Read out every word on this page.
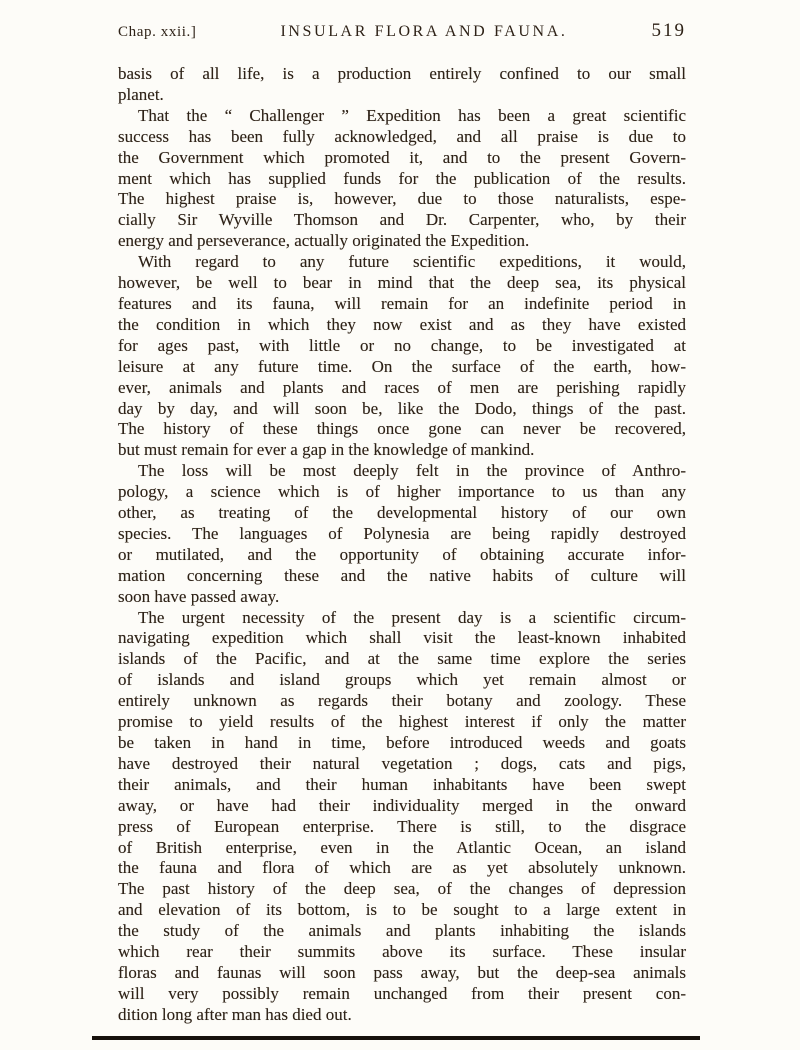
Chap. xxii.]	INSULAR FLORA AND FAUNA.	519
basis of all life, is a production entirely confined to our small
planet.
That the “ Challenger ” Expedition has been a great scientific
success has been fully acknowledged, and all praise is due to
the Government which promoted it, and to the present Govern-
ment which has supplied funds for the publication of the results.
The highest praise is, however, due to those naturalists, espe-
cially Sir Wyville Thomson and Dr. Carpenter, who, by their
energy and perseverance, actually originated the Expedition.
With regard to any future scientific expeditions, it would,
however, be well to bear in mind that the deep sea, its physical
features and its fauna, will remain for an indefinite period in
the condition in which they now exist and as they have existed
for ages past, with little or no change, to be investigated at
leisure at any future time. On the surface of the earth, how-
ever, animals and plants and races of men are perishing rapidly
day by day, and will soon be, like the Dodo, things of the past.
The history of these things once gone can never be recovered,
but must remain for ever a gap in the knowledge of mankind.
The loss will be most deeply felt in the province of Anthro-
pology, a science which is of higher importance to us than any
other, as treating of the developmental history of our own
species. The languages of Polynesia are being rapidly destroyed
or mutilated, and the opportunity of obtaining accurate infor-
mation concerning these and the native habits of culture will
soon have passed away.
The urgent necessity of the present day is a scientific circum-
navigating expedition which shall visit the least-known inhabited
islands of the Pacific, and at the same time explore the series
of islands and island groups which yet remain almost or
entirely unknown as regards their botany and zoology. These
promise to yield results of the highest interest if only the matter
be taken in hand in time, before introduced weeds and goats
have destroyed their natural vegetation ; dogs, cats and pigs,
their animals, and their human inhabitants have been swept
away, or have had their individuality merged in the onward
press of European enterprise. There is still, to the disgrace
of British enterprise, even in the Atlantic Ocean, an island
the fauna and flora of which are as yet absolutely unknown.
The past history of the deep sea, of the changes of depression
and elevation of its bottom, is to be sought to a large extent in
the study of the animals and plants inhabiting the islands
which rear their summits above its surface. These insular
floras and faunas will soon pass away, but the deep-sea animals
will very possibly remain unchanged from their present con-
dition long after man has died out.
